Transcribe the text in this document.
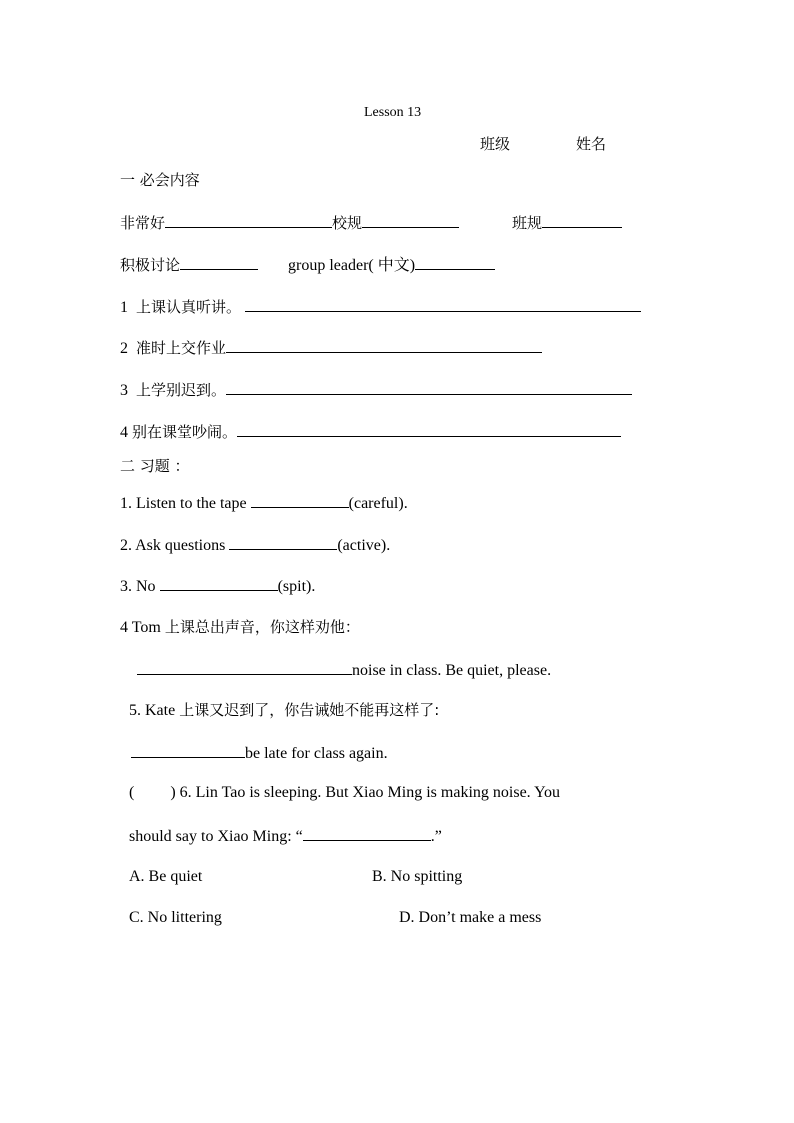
Lesson 13
班级	姓名
一 必会内容
非常好	校规	班规
积极讨论	group leader( 中文)
1 上课认真听讲。
2 准时上交作业
3 上学别迟到。
4 别在课堂吵闹。
二 习题 ：
1. Listen to the tape	(careful).
2. Ask questions	(active).
3. No	(spit).
4 Tom 上课总出声音，你这样劝他：
noise in class. Be quiet, please.
5. Kate 上课又迟到了，你告诫她不能再这样了:
be late for class again.
( ) 6. Lin Tao is sleeping. But Xiao Ming is making noise. You
should say to Xiao Ming: “	.”
A. Be quiet	B. No spitting
C. No littering	D. Don’t make a mess
